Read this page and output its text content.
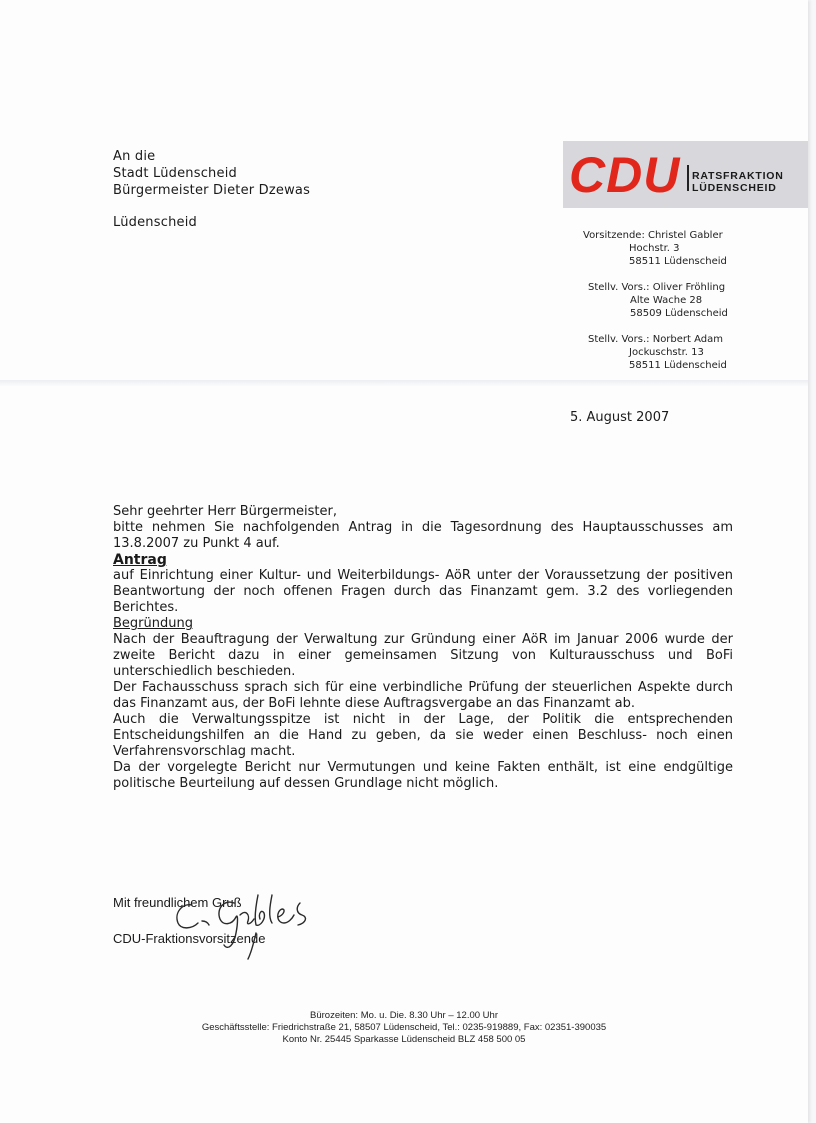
An die
Stadt Lüdenscheid
Bürgermeister Dieter Dzewas
Lüdenscheid
CDU RATSFRAKTION
LÜDENSCHEID
Vorsitzende: Christel Gabler
Hochstr. 3
58511 Lüdenscheid
Stellv. Vors.: Oliver Fröhling
Alte Wache 28
58509 Lüdenscheid
Stellv. Vors.: Norbert Adam
Jockuschstr. 13
58511 Lüdenscheid
5. August 2007

Sehr geehrter Herr Bürgermeister,

bitte nehmen Sie nachfolgenden Antrag in die Tagesordnung des Hauptausschusses am 13.8.2007 zu Punkt 4 auf.

Antrag

auf Einrichtung einer Kultur- und Weiterbildungs- AöR unter der Voraussetzung der positiven Beantwortung der noch offenen Fragen durch das Finanzamt gem. 3.2 des vorliegenden Berichtes.

Begründung

Nach der Beauftragung der Verwaltung zur Gründung einer AöR im Januar 2006 wurde der zweite Bericht dazu in einer gemeinsamen Sitzung von Kulturausschuss und BoFi unterschiedlich beschieden.

Der Fachausschuss sprach sich für eine verbindliche Prüfung der steuerlichen Aspekte durch das Finanzamt aus, der BoFi lehnte diese Auftragsvergabe an das Finanzamt ab.

Auch die Verwaltungsspitze ist nicht in der Lage, der Politik die entsprechenden Entscheidungshilfen an die Hand zu geben, da sie weder einen Beschluss- noch einen Verfahrensvorschlag macht.

Da der vorgelegte Bericht nur Vermutungen und keine Fakten enthält, ist eine endgültige politische Beurteilung auf dessen Grundlage nicht möglich.

Mit freundlichem Gruß
CDU-Fraktionsvorsitzende
Bürozeiten: Mo. u. Die. 8.30 Uhr – 12.00 Uhr
Geschäftsstelle: Friedrichstraße 21, 58507 Lüdenscheid, Tel.: 0235-919889, Fax: 02351-390035
Konto Nr. 25445 Sparkasse Lüdenscheid BLZ 458 500 05
